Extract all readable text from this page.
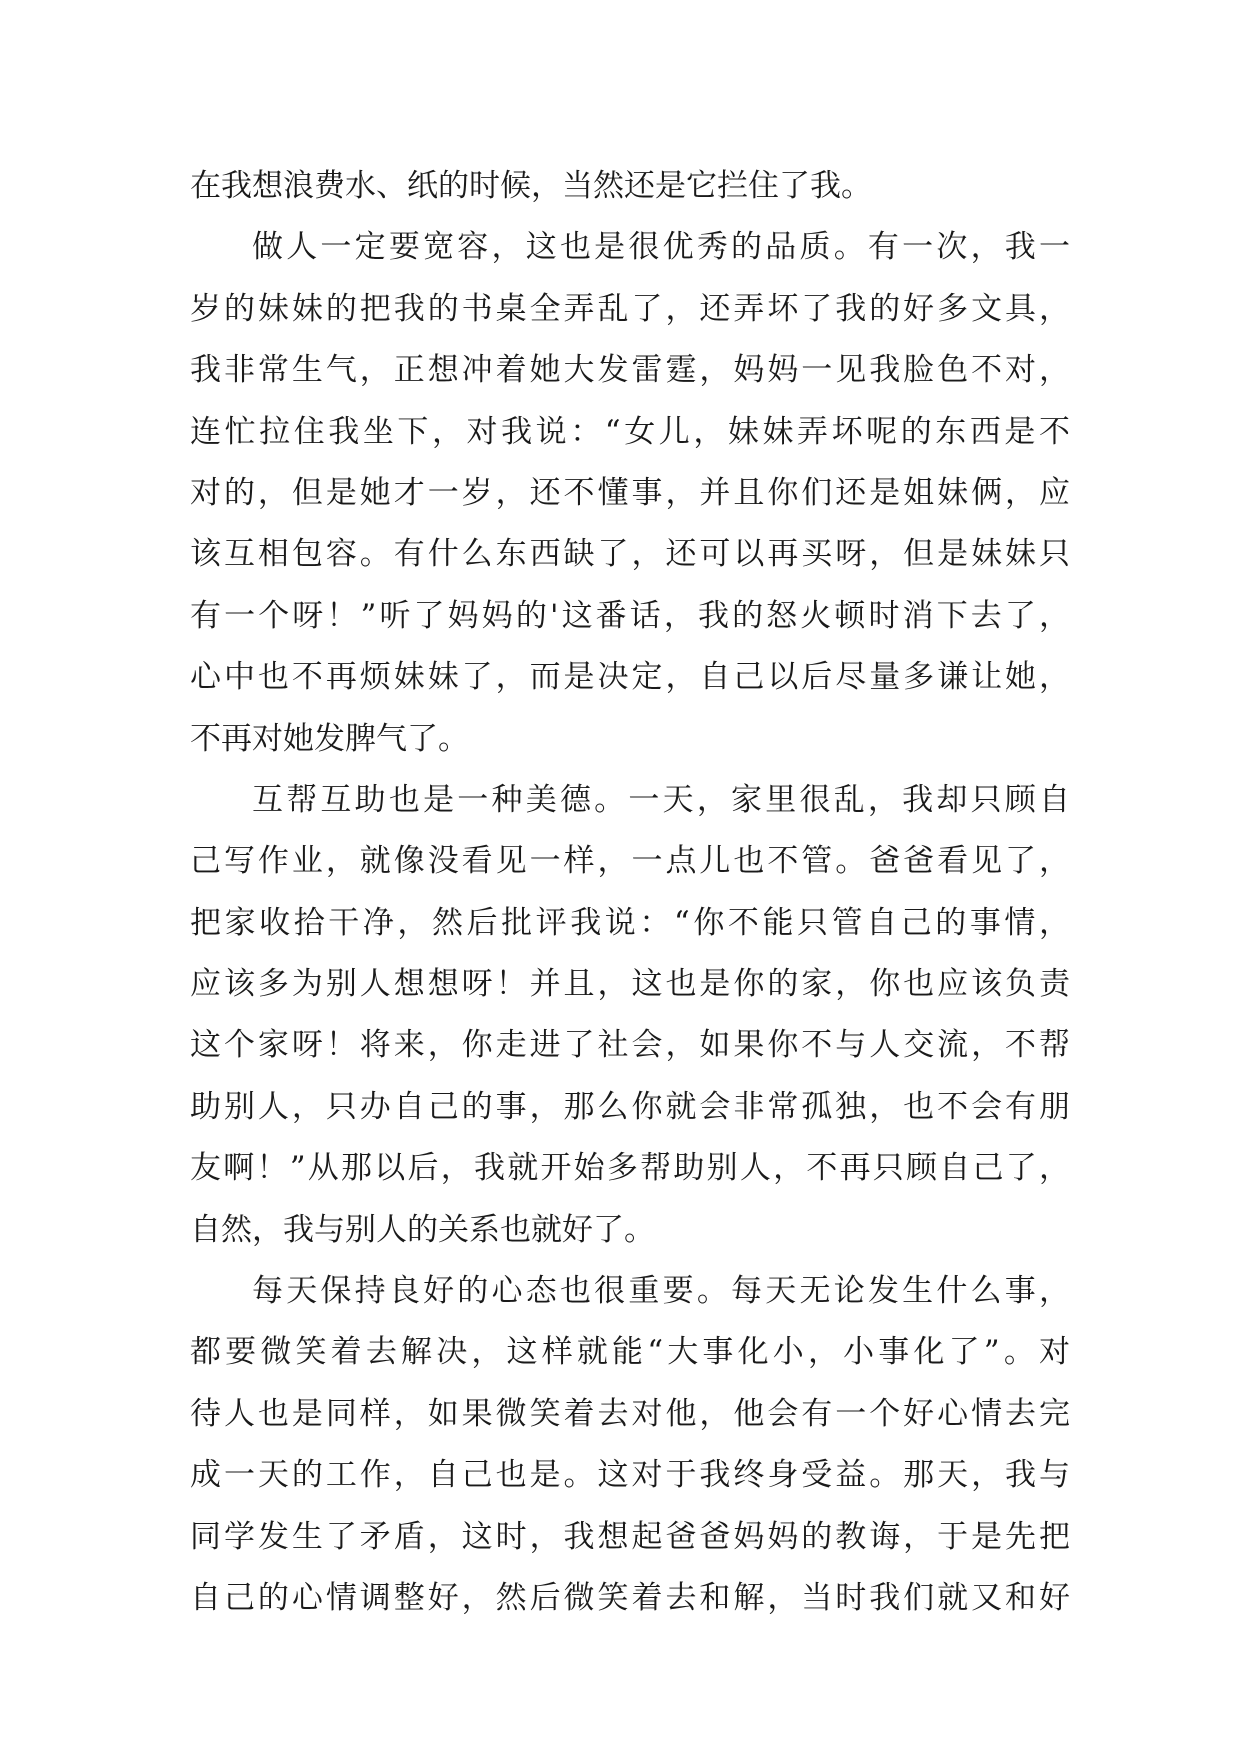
在我想浪费水、纸的时候，当然还是它拦住了我。
做人一定要宽容，这也是很优秀的品质。有一次，我一
岁的妹妹的把我的书桌全弄乱了，还弄坏了我的好多文具，
我非常生气，正想冲着她大发雷霆，妈妈一见我脸色不对，
连忙拉住我坐下，对我说：“女儿，妹妹弄坏呢的东西是不
对的，但是她才一岁，还不懂事，并且你们还是姐妹俩，应
该互相包容。有什么东西缺了，还可以再买呀，但是妹妹只
有一个呀！”听了妈妈的'这番话，我的怒火顿时消下去了，
心中也不再烦妹妹了，而是决定，自己以后尽量多谦让她，
不再对她发脾气了。
互帮互助也是一种美德。一天，家里很乱，我却只顾自
己写作业，就像没看见一样，一点儿也不管。爸爸看见了，
把家收拾干净，然后批评我说：“你不能只管自己的事情，
应该多为别人想想呀！并且，这也是你的家，你也应该负责
这个家呀！将来，你走进了社会，如果你不与人交流，不帮
助别人，只办自己的事，那么你就会非常孤独，也不会有朋
友啊！”从那以后，我就开始多帮助别人，不再只顾自己了，
自然，我与别人的关系也就好了。
每天保持良好的心态也很重要。每天无论发生什么事，
都要微笑着去解决，这样就能“大事化小，小事化了”。对
待人也是同样，如果微笑着去对他，他会有一个好心情去完
成一天的工作，自己也是。这对于我终身受益。那天，我与
同学发生了矛盾，这时，我想起爸爸妈妈的教诲，于是先把
自己的心情调整好，然后微笑着去和解，当时我们就又和好
